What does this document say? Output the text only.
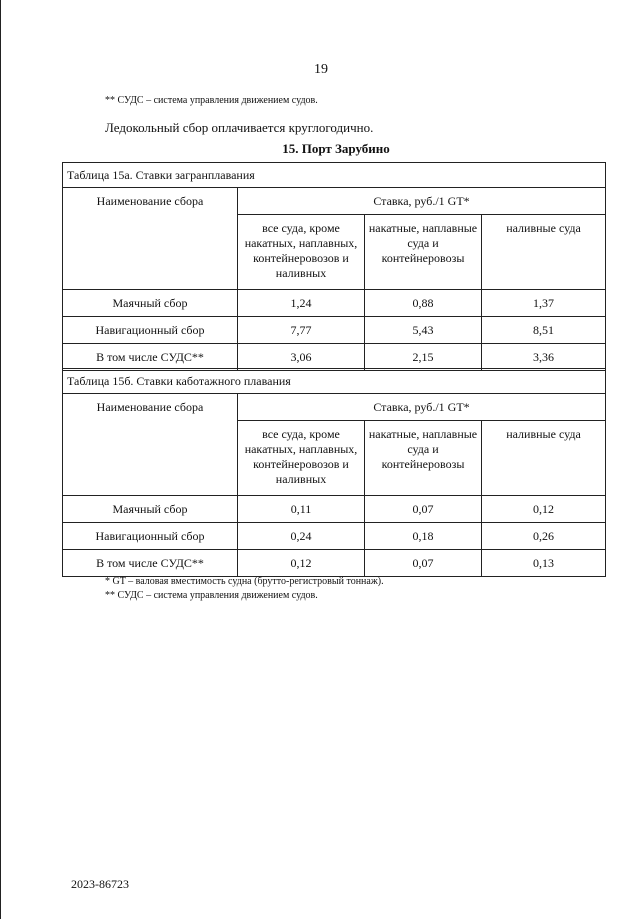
19
** СУДС – система управления движением судов.
Ледокольный сбор оплачивается круглогодично.
15. Порт Зарубино
Таблица 15а. Ставки загранплавания			
Наименование сбора	Ставка, руб./1 GT*		
	все суда, кроме накатных, наплавных, контейнеровозов и наливных	накатные, наплавные суда и контейнеровозы	наливные суда
Маячный сбор	1,24	0,88	1,37
Навигационный сбор	7,77	5,43	8,51
В том числе СУДС**	3,06	2,15	3,36
Таблица 15б. Ставки каботажного плавания			
Наименование сбора	Ставка, руб./1 GT*		
	все суда, кроме накатных, наплавных, контейнеровозов и наливных	накатные, наплавные суда и контейнеровозы	наливные суда
Маячный сбор	0,11	0,07	0,12
Навигационный сбор	0,24	0,18	0,26
В том числе СУДС**	0,12	0,07	0,13
* GT – валовая вместимость судна (брутто-регистровый тоннаж).
** СУДС – система управления движением судов.
2023-86723
